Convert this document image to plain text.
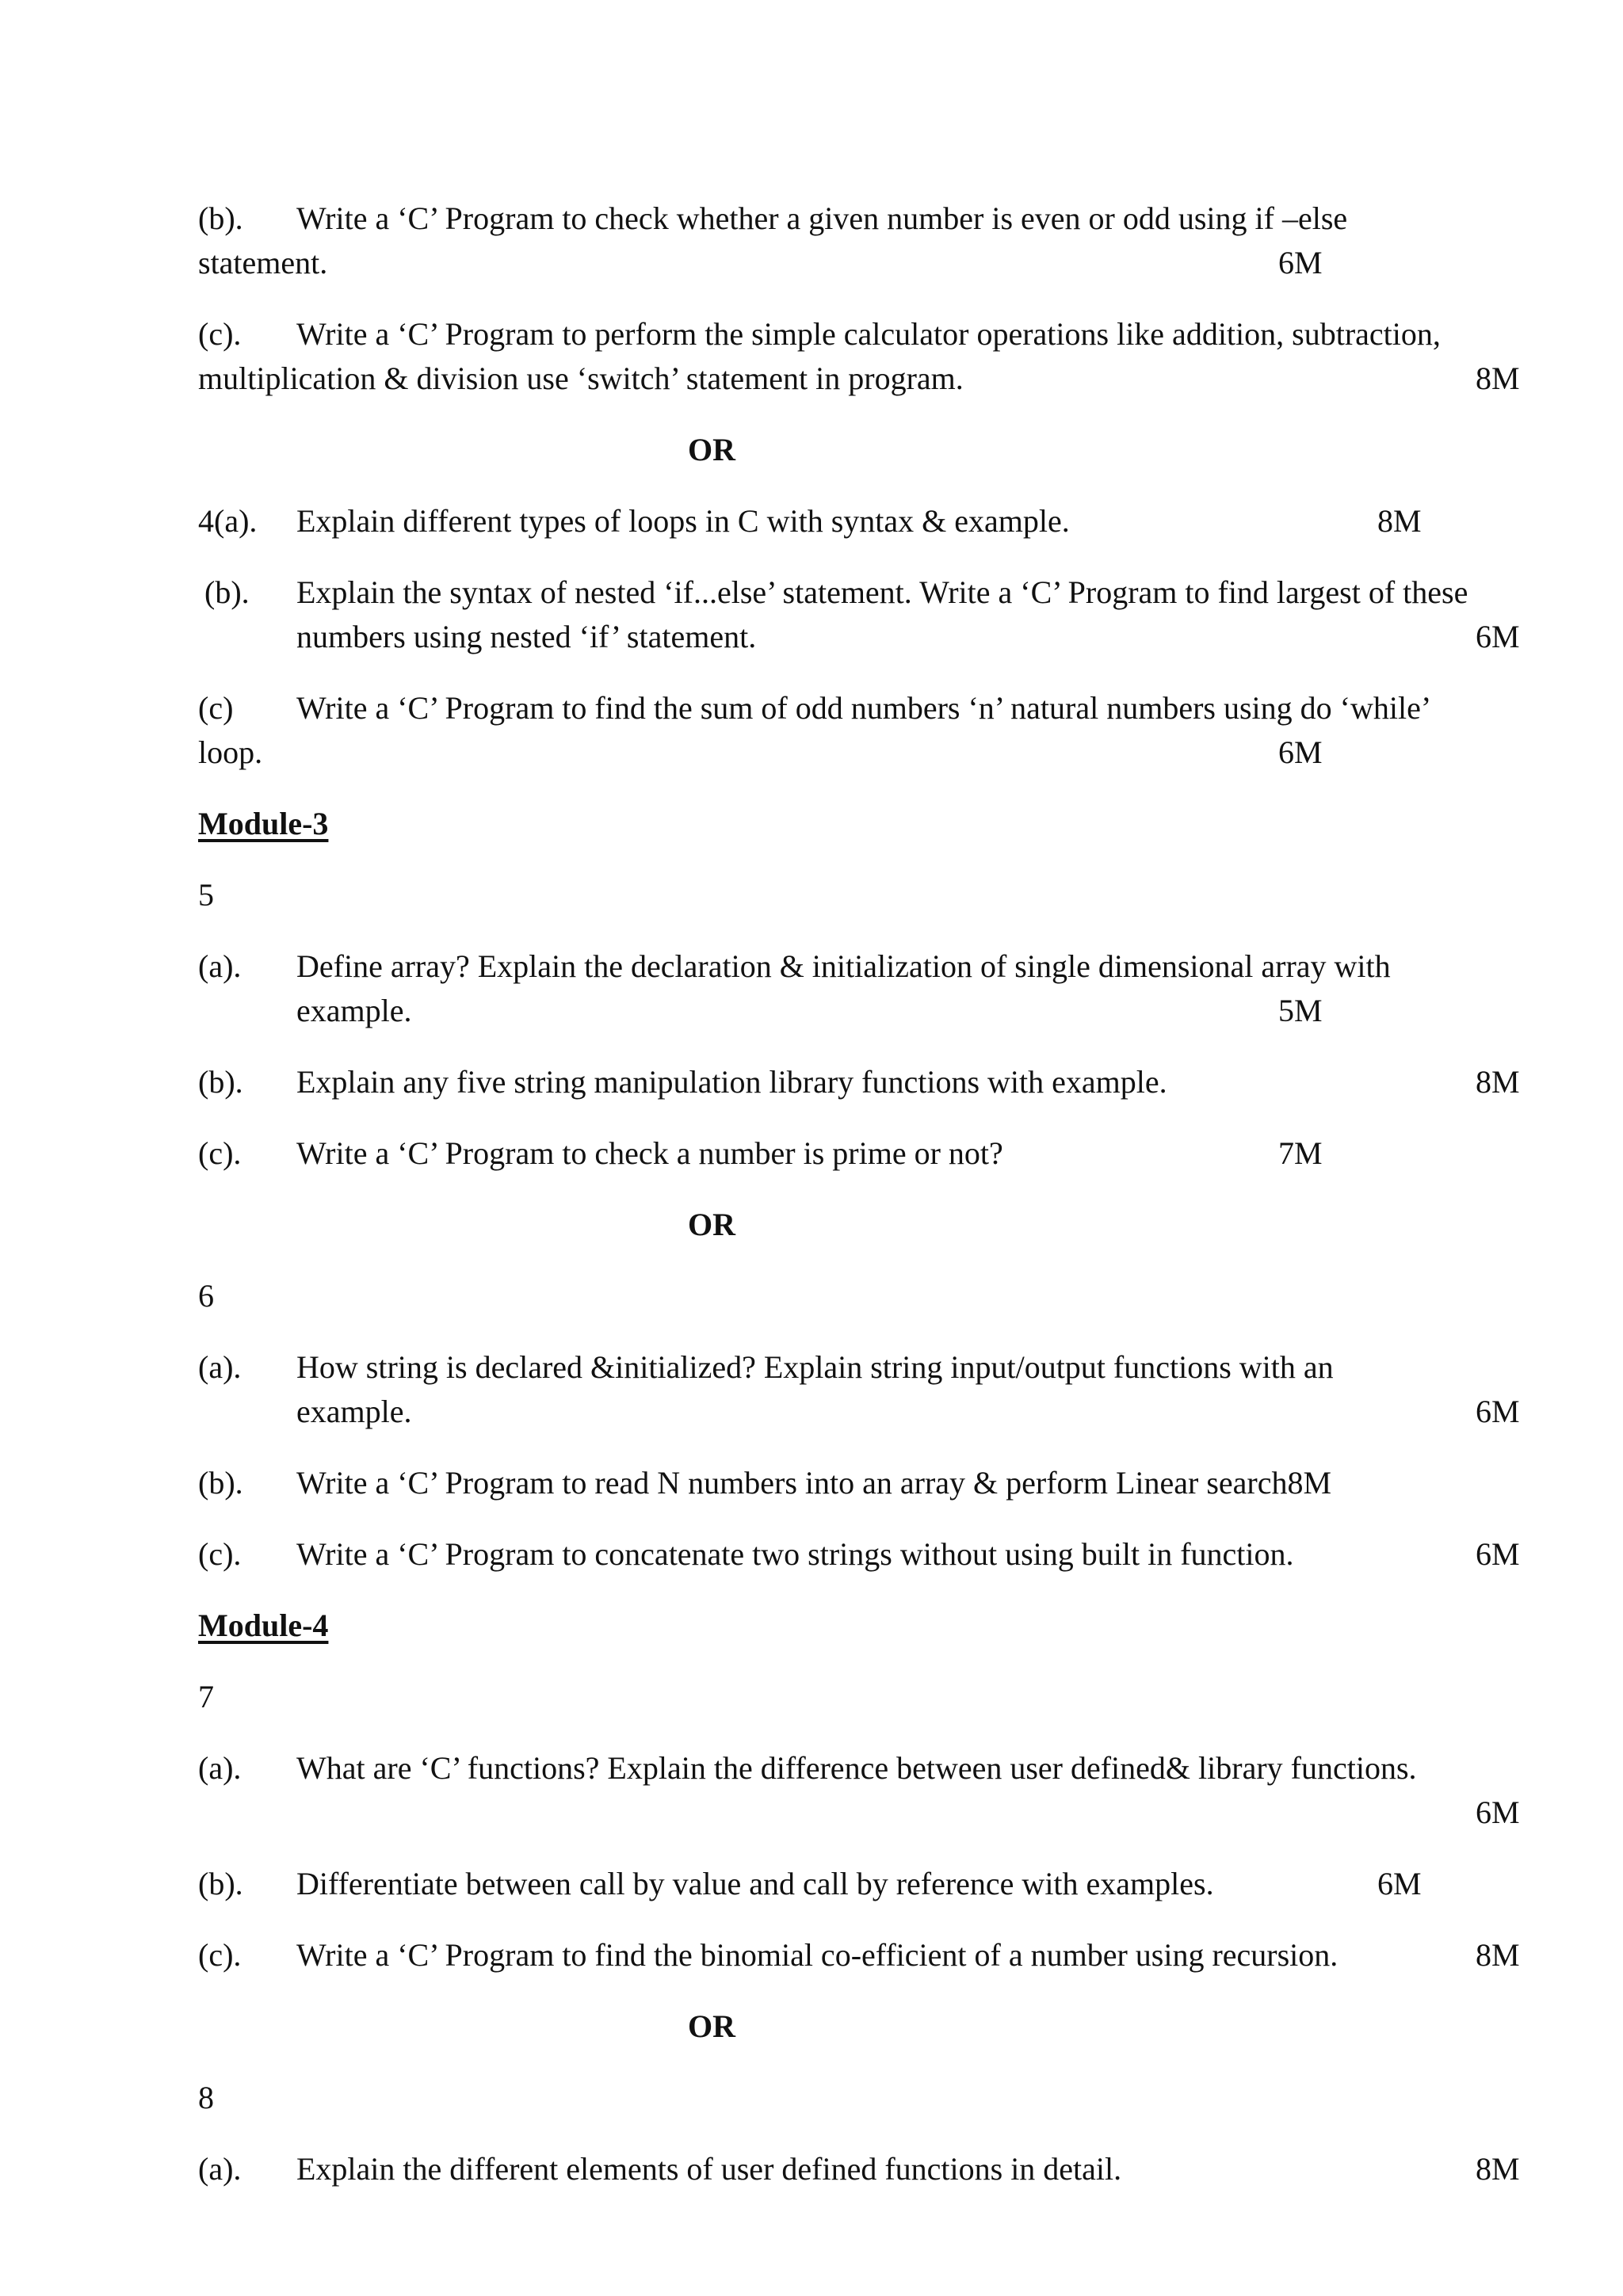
(b). Write a ‘C’ Program to check whether a given number is even or odd using if –else
statement.	6M
(c). Write a ‘C’ Program to perform the simple calculator operations like addition, subtraction,
multiplication & division use ‘switch’ statement in program.	8M
OR
4(a). Explain different types of loops in C with syntax & example.	8M
(b). Explain the syntax of nested ‘if...else’ statement. Write a ‘C’ Program to find largest of these
numbers using nested ‘if’ statement.	6M
(c) Write a ‘C’ Program to find the sum of odd numbers ‘n’ natural numbers using do ‘while’
loop.	6M
Module-3
5
(a). Define array? Explain the declaration & initialization of single dimensional array with
example.	5M
(b). Explain any five string manipulation library functions with example.	8M
(c). Write a ‘C’ Program to check a number is prime or not?	7M
OR
6
(a). How string is declared &initialized? Explain string input/output functions with an
example.	6M
(b). Write a ‘C’ Program to read N numbers into an array & perform Linear search8M
(c). Write a ‘C’ Program to concatenate two strings without using built in function.	6M
Module-4
7
(a). What are ‘C’ functions? Explain the difference between user defined& library functions.
6M
(b). Differentiate between call by value and call by reference with examples.	6M
(c). Write a ‘C’ Program to find the binomial co-efficient of a number using recursion.	8M
OR
8
(a). Explain the different elements of user defined functions in detail.	8M
